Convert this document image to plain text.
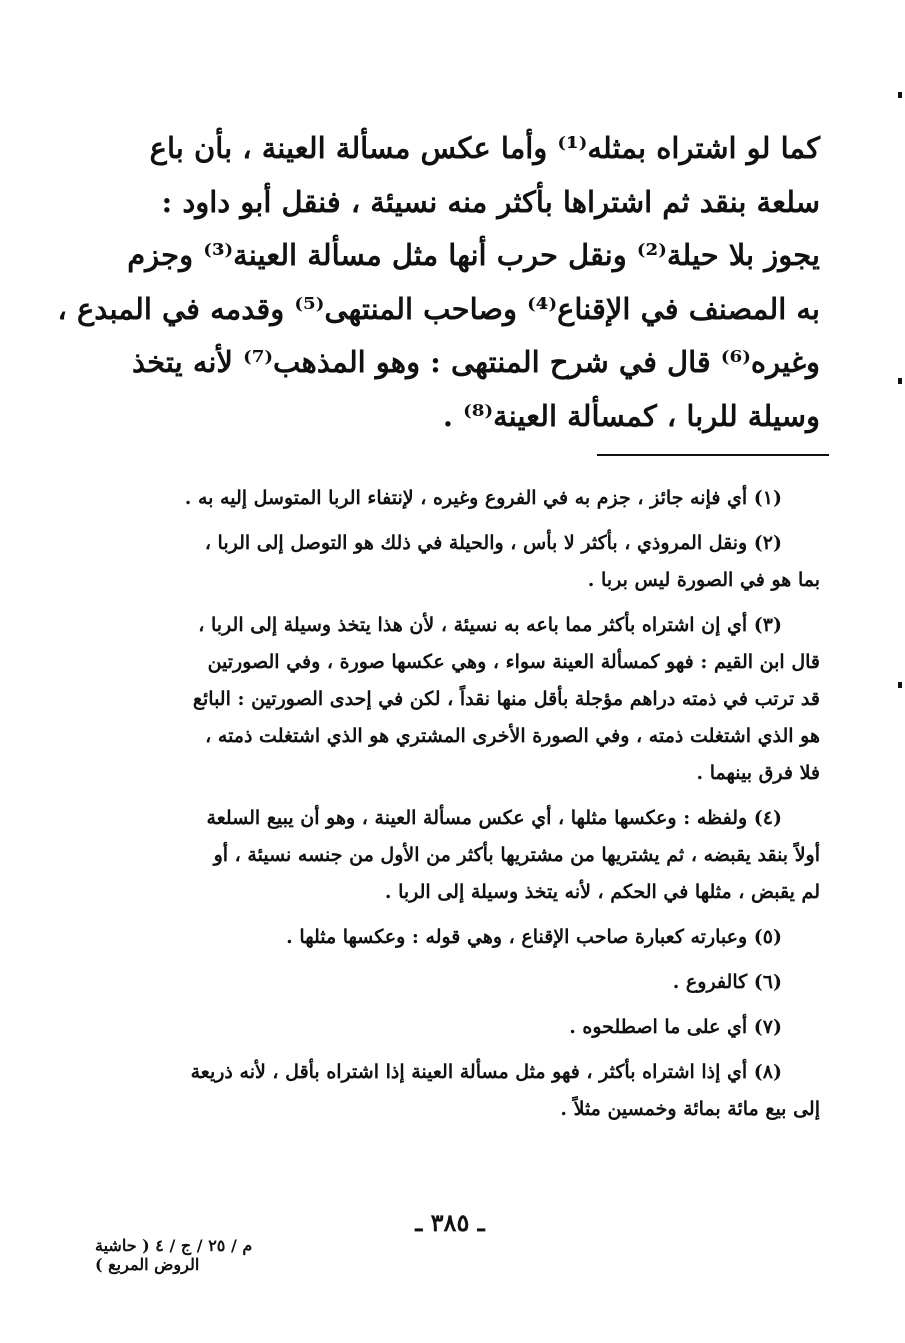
كما لو اشتراه بمثله⁽¹⁾ وأما عكس مسألة العينة ، بأن باع
سلعة بنقد ثم اشتراها بأكثر منه نسيئة ، فنقل أبو داود :
يجوز بلا حيلة⁽²⁾ ونقل حرب أنها مثل مسألة العينة⁽³⁾ وجزم
به المصنف في الإقناع⁽⁴⁾ وصاحب المنتهى⁽⁵⁾ وقدمه في المبدع ،
وغيره⁽⁶⁾ قال في شرح المنتهى : وهو المذهب⁽⁷⁾ لأنه يتخذ
وسيلة للربا ، كمسألة العينة⁽⁸⁾ .
(١) أي فإنه جائز ، جزم به في الفروع وغيره ، لإنتفاء الربا المتوسل إليه به .
(٢) ونقل المروذي ، بأكثر لا بأس ، والحيلة في ذلك هو التوصل إلى الربا ،
بما هو في الصورة ليس بربا .
(٣) أي إن اشتراه بأكثر مما باعه به نسيئة ، لأن هذا يتخذ وسيلة إلى الربا ،
قال ابن القيم : فهو كمسألة العينة سواء ، وهي عكسها صورة ، وفي الصورتين
قد ترتب في ذمته دراهم مؤجلة بأقل منها نقداً ، لكن في إحدى الصورتين : البائع
هو الذي اشتغلت ذمته ، وفي الصورة الأخرى المشتري هو الذي اشتغلت ذمته ،
فلا فرق بينهما .
(٤) ولفظه : وعكسها مثلها ، أي عكس مسألة العينة ، وهو أن يبيع السلعة
أولاً بنقد يقبضه ، ثم يشتريها من مشتريها بأكثر من الأول من جنسه نسيئة ، أو
لم يقبض ، مثلها في الحكم ، لأنه يتخذ وسيلة إلى الربا .
(٥) وعبارته كعبارة صاحب الإقناع ، وهي قوله : وعكسها مثلها .
(٦) كالفروع .
(٧) أي على ما اصطلحوه .
(٨) أي إذا اشتراه بأكثر ، فهو مثل مسألة العينة إذا اشتراه بأقل ، لأنه ذريعة
إلى بيع مائة بمائة وخمسين مثلاً .
ـ ٣٨٥ ـ
م / ٢٥ / ج / ٤ ( حاشية الروض المربع )
